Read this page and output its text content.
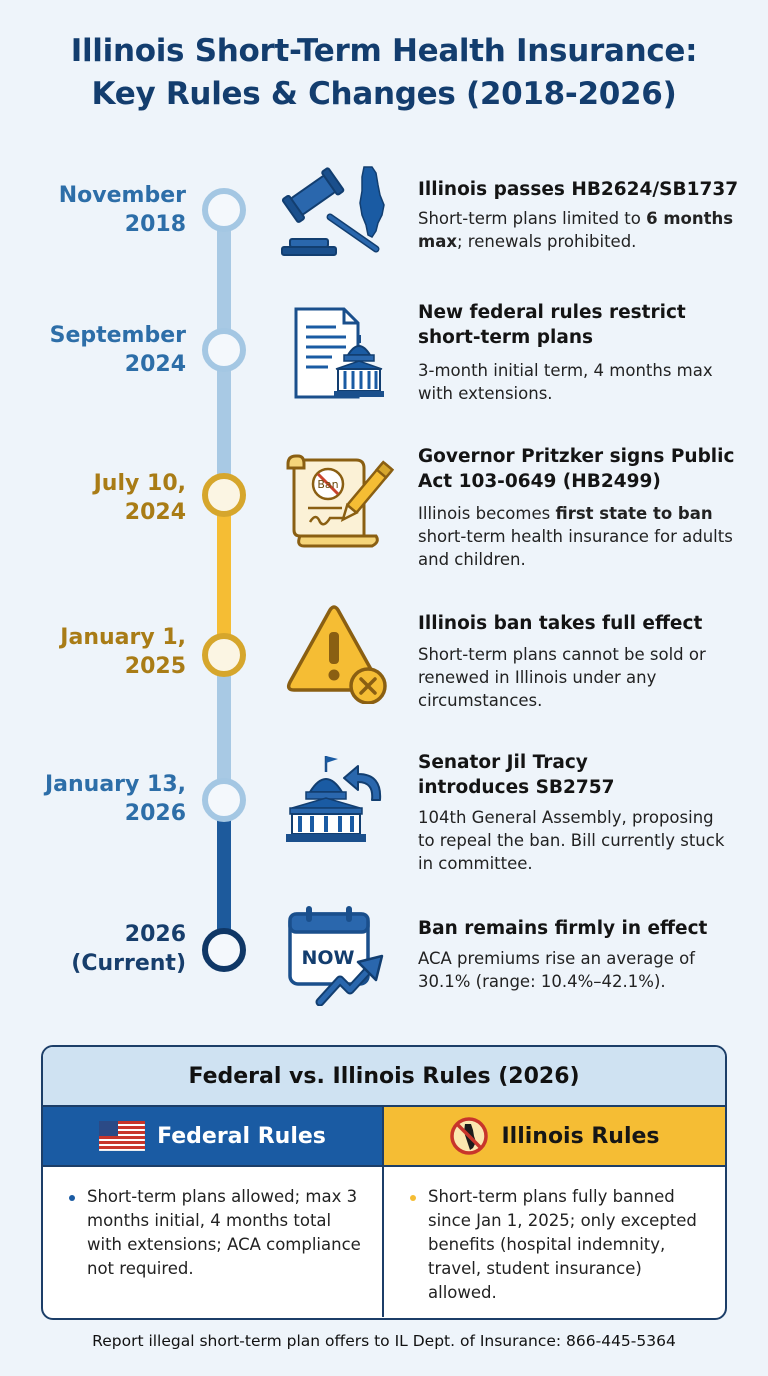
Illinois Short-Term Health Insurance:
Key Rules & Changes (2018-2026)
November
2018
September
2024
July 10,
2024
January 1,
2025
January 13,
2026
2026
(Current)
Ban
NOW
Illinois passes HB2624/SB1737
Short-term plans limited to 6 months max; renewals prohibited.
New federal rules restrict short-term plans
3-month initial term, 4 months max with extensions.
Governor Pritzker signs Public Act 103-0649 (HB2499)
Illinois becomes first state to ban short-term health insurance for adults and children.
Illinois ban takes full effect
Short-term plans cannot be sold or renewed in Illinois under any circumstances.
Senator Jil Tracy introduces SB2757
104th General Assembly, proposing to repeal the ban. Bill currently stuck in committee.
Ban remains firmly in effect
ACA premiums rise an average of 30.1% (range: 10.4%–42.1%).
Federal vs. Illinois Rules (2026)
Federal Rules
Short-term plans allowed; max 3 months initial, 4 months total with extensions; ACA compliance not required.
Illinois Rules
Short-term plans fully banned since Jan 1, 2025; only excepted benefits (hospital indemnity, travel, student insurance) allowed.
Report illegal short-term plan offers to IL Dept. of Insurance: 866-445-5364
